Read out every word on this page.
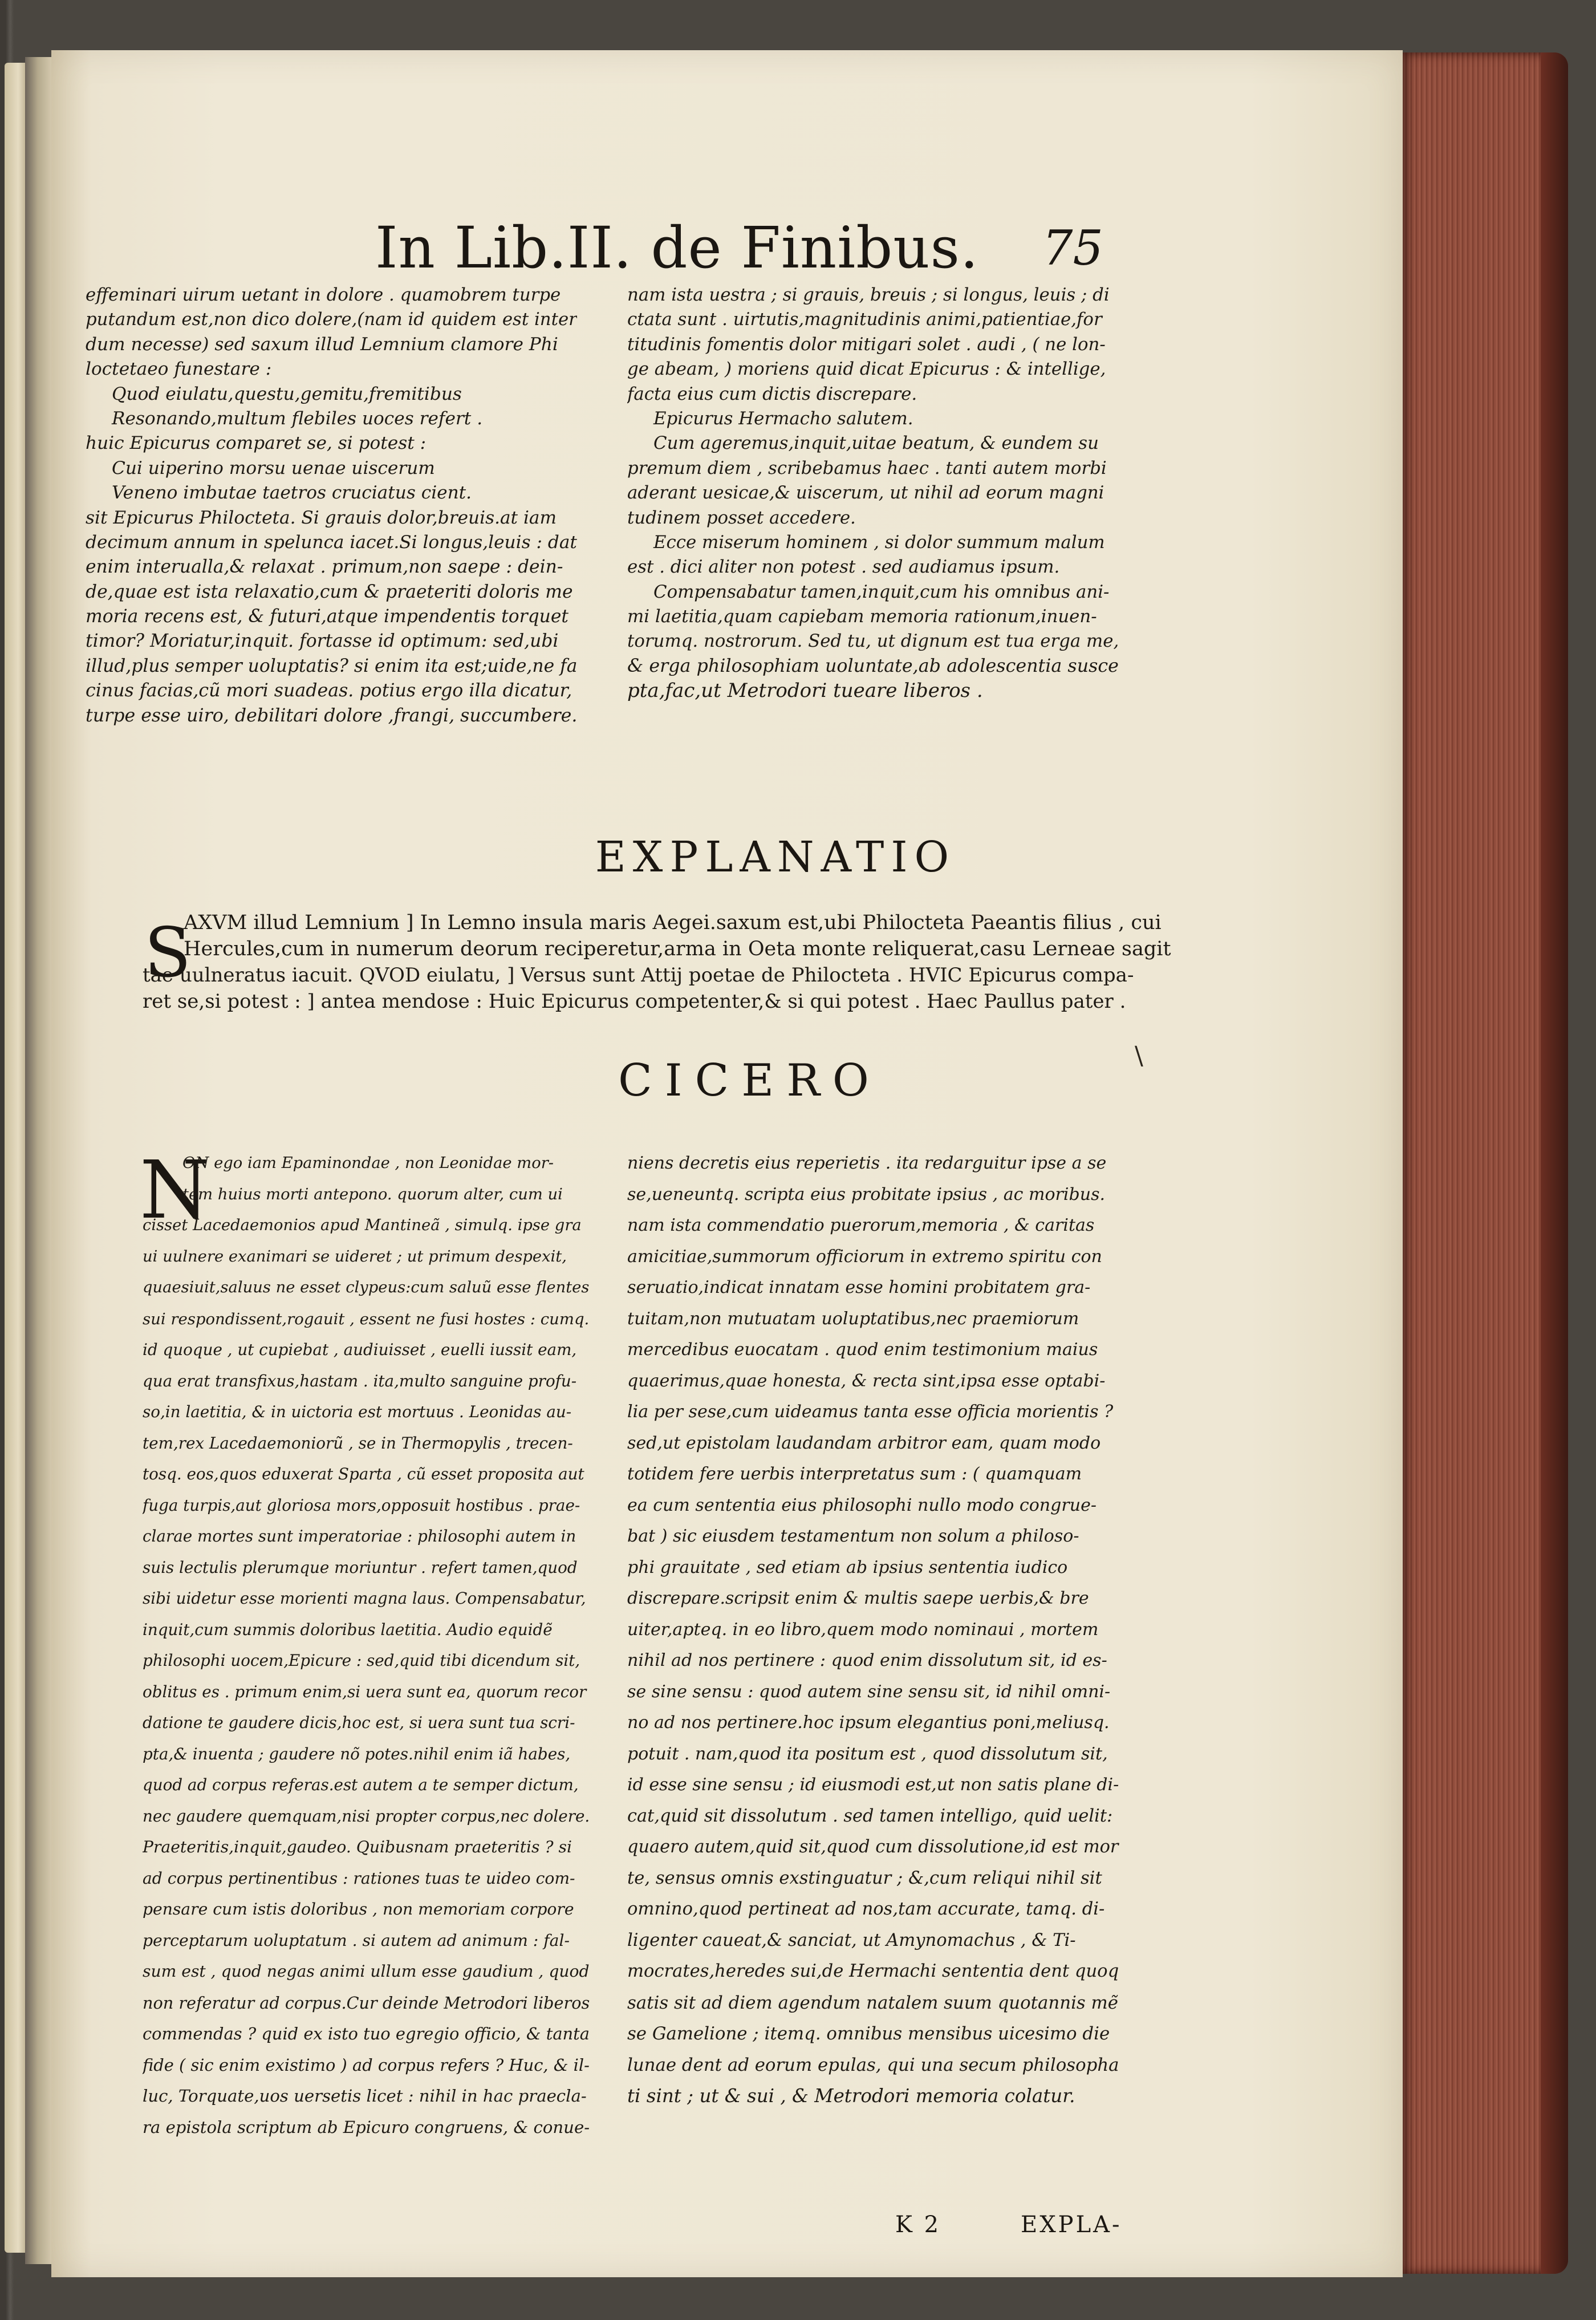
In Lib.II. de Finibus. 75
effeminari uirum uetant in dolore . quamobrem turpe
putandum est,non dico dolere,(nam id quidem est inter
dum necesse) sed saxum illud Lemnium clamore Phi
loctetaeo funestare :
Quod eiulatu,questu,gemitu,fremitibus
Resonando,multum flebiles uoces refert .
huic Epicurus comparet se, si potest :
Cui uiperino morsu uenae uiscerum
Veneno imbutae taetros cruciatus cient.
sit Epicurus Philocteta. Si grauis dolor,breuis.at iam
decimum annum in spelunca iacet.Si longus,leuis : dat
enim interualla,& relaxat . primum,non saepe : dein-
de,quae est ista relaxatio,cum & praeteriti doloris me
moria recens est, & futuri,atque impendentis torquet
timor? Moriatur,inquit. fortasse id optimum: sed,ubi
illud,plus semper uoluptatis? si enim ita est;uide,ne fa
cinus facias,cũ mori suadeas. potius ergo illa dicatur,
turpe esse uiro, debilitari dolore ,frangi, succumbere.
nam ista uestra ; si grauis, breuis ; si longus, leuis ; di
ctata sunt . uirtutis,magnitudinis animi,patientiae,for
titudinis fomentis dolor mitigari solet . audi , ( ne lon-
ge abeam, ) moriens quid dicat Epicurus : & intellige,
facta eius cum dictis discrepare.
Epicurus Hermacho salutem.
Cum ageremus,inquit,uitae beatum, & eundem su
premum diem , scribebamus haec . tanti autem morbi
aderant uesicae,& uiscerum, ut nihil ad eorum magni
tudinem posset accedere.
Ecce miserum hominem , si dolor summum malum
est . dici aliter non potest . sed audiamus ipsum.
Compensabatur tamen,inquit,cum his omnibus ani-
mi laetitia,quam capiebam memoria rationum,inuen-
torumq. nostrorum. Sed tu, ut dignum est tua erga me,
& erga philosophiam uoluntate,ab adolescentia susce
pta,fac,ut Metrodori tueare liberos .
EXPLANATIO
S
AXVM illud Lemnium ] In Lemno insula maris Aegei.saxum est,ubi Philocteta Paeantis filius , cui
Hercules,cum in numerum deorum reciperetur,arma in Oeta monte reliquerat,casu Lerneae sagit
tae uulneratus iacuit. QVOD eiulatu, ] Versus sunt Attij poetae de Philocteta . HVIC Epicurus compa-
ret se,si potest : ] antea mendose : Huic Epicurus competenter,& si qui potest . Haec Paullus pater .
CICERO
N
ON ego iam Epaminondae , non Leonidae mor-
tem huius morti antepono. quorum alter, cum ui
cisset Lacedaemonios apud Mantineã , simulq. ipse gra
ui uulnere exanimari se uideret ; ut primum despexit,
quaesiuit,saluus ne esset clypeus:cum saluũ esse flentes
sui respondissent,rogauit , essent ne fusi hostes : cumq.
id quoque , ut cupiebat , audiuisset , euelli iussit eam,
qua erat transfixus,hastam . ita,multo sanguine profu-
so,in laetitia, & in uictoria est mortuus . Leonidas au-
tem,rex Lacedaemoniorũ , se in Thermopylis , trecen-
tosq. eos,quos eduxerat Sparta , cũ esset proposita aut
fuga turpis,aut gloriosa mors,opposuit hostibus . prae-
clarae mortes sunt imperatoriae : philosophi autem in
suis lectulis plerumque moriuntur . refert tamen,quod
sibi uidetur esse morienti magna laus. Compensabatur,
inquit,cum summis doloribus laetitia. Audio equidẽ
philosophi uocem,Epicure : sed,quid tibi dicendum sit,
oblitus es . primum enim,si uera sunt ea, quorum recor
datione te gaudere dicis,hoc est, si uera sunt tua scri-
pta,& inuenta ; gaudere nõ potes.nihil enim iã habes,
quod ad corpus referas.est autem a te semper dictum,
nec gaudere quemquam,nisi propter corpus,nec dolere.
Praeteritis,inquit,gaudeo. Quibusnam praeteritis ? si
ad corpus pertinentibus : rationes tuas te uideo com-
pensare cum istis doloribus , non memoriam corpore
perceptarum uoluptatum . si autem ad animum : fal-
sum est , quod negas animi ullum esse gaudium , quod
non referatur ad corpus.Cur deinde Metrodori liberos
commendas ? quid ex isto tuo egregio officio, & tanta
fide ( sic enim existimo ) ad corpus refers ? Huc, & il-
luc, Torquate,uos uersetis licet : nihil in hac praecla-
ra epistola scriptum ab Epicuro congruens, & conue-
niens decretis eius reperietis . ita redarguitur ipse a se
se,ueneuntq. scripta eius probitate ipsius , ac moribus.
nam ista commendatio puerorum,memoria , & caritas
amicitiae,summorum officiorum in extremo spiritu con
seruatio,indicat innatam esse homini probitatem gra-
tuitam,non mutuatam uoluptatibus,nec praemiorum
mercedibus euocatam . quod enim testimonium maius
quaerimus,quae honesta, & recta sint,ipsa esse optabi-
lia per sese,cum uideamus tanta esse officia morientis ?
sed,ut epistolam laudandam arbitror eam, quam modo
totidem fere uerbis interpretatus sum : ( quamquam
ea cum sententia eius philosophi nullo modo congrue-
bat ) sic eiusdem testamentum non solum a philoso-
phi grauitate , sed etiam ab ipsius sententia iudico
discrepare.scripsit enim & multis saepe uerbis,& bre
uiter,apteq. in eo libro,quem modo nominaui , mortem
nihil ad nos pertinere : quod enim dissolutum sit, id es-
se sine sensu : quod autem sine sensu sit, id nihil omni-
no ad nos pertinere.hoc ipsum elegantius poni,meliusq.
potuit . nam,quod ita positum est , quod dissolutum sit,
id esse sine sensu ; id eiusmodi est,ut non satis plane di-
cat,quid sit dissolutum . sed tamen intelligo, quid uelit:
quaero autem,quid sit,quod cum dissolutione,id est mor
te, sensus omnis exstinguatur ; &,cum reliqui nihil sit
omnino,quod pertineat ad nos,tam accurate, tamq. di-
ligenter caueat,& sanciat, ut Amynomachus , & Ti-
mocrates,heredes sui,de Hermachi sententia dent quoq
satis sit ad diem agendum natalem suum quotannis mẽ
se Gamelione ; itemq. omnibus mensibus uicesimo die
lunae dent ad eorum epulas, qui una secum philosopha
ti sint ; ut & sui , & Metrodori memoria colatur.
K 2	EXPLA-
\
